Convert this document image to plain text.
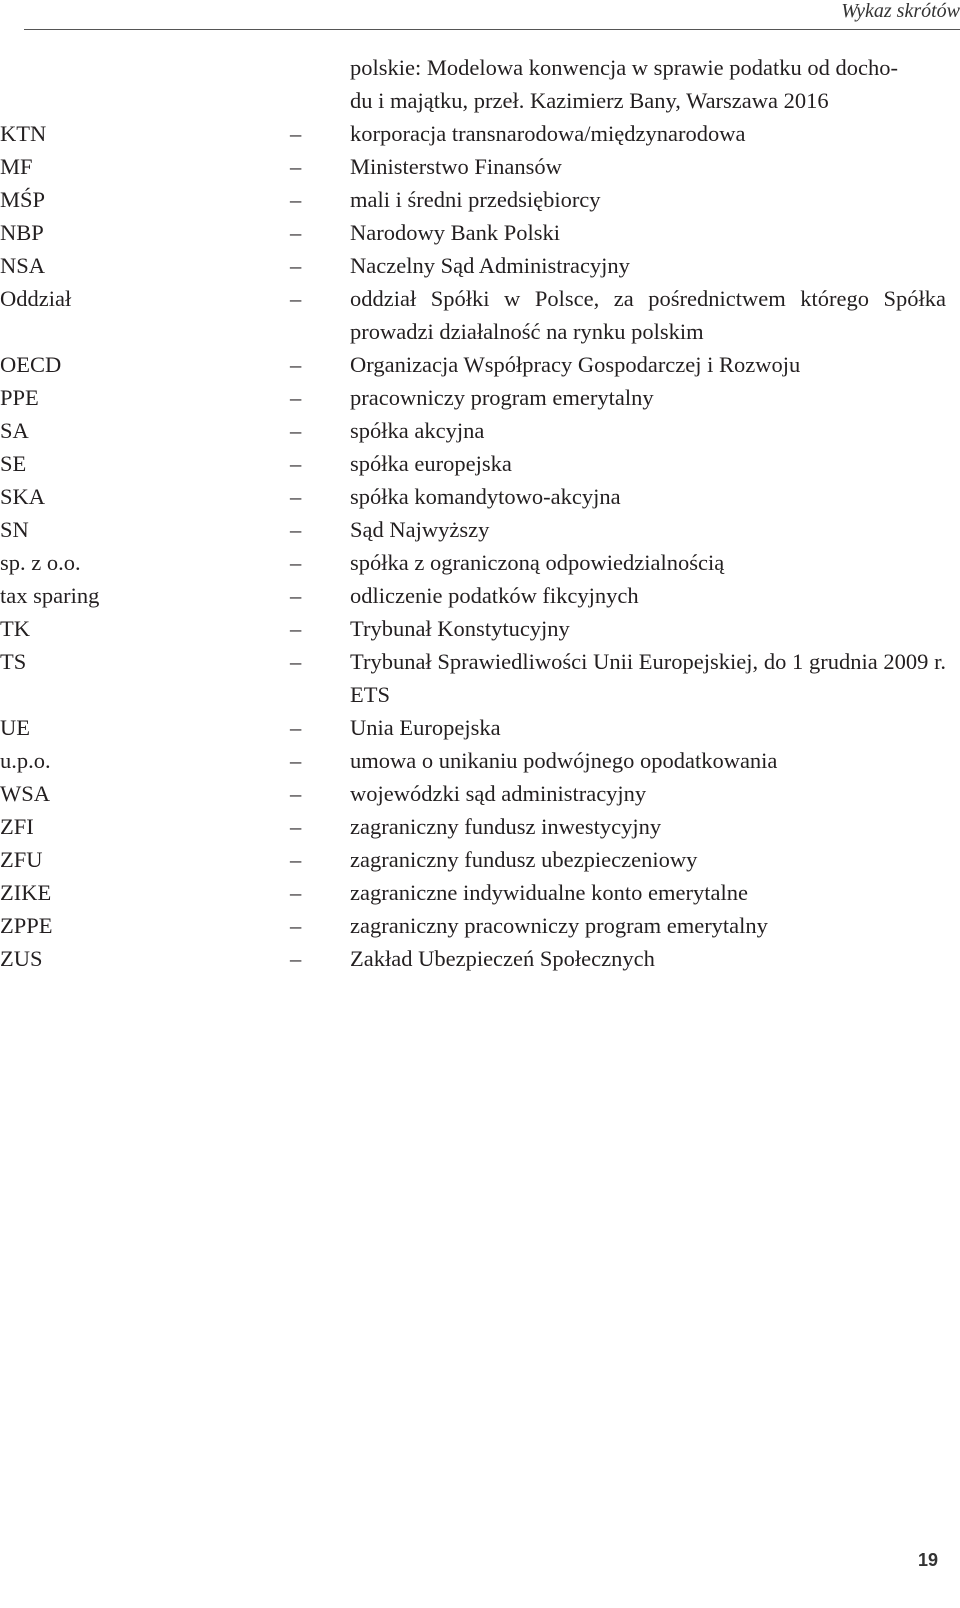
Wykaz skrótów
polskie: Modelowa konwencja w sprawie podatku od docho-
du i majątku, przeł. Kazimierz Bany, Warszawa 2016
KTN	–	korporacja transnarodowa/międzynarodowa
MF	–	Ministerstwo Finansów
MŚP	–	mali i średni przedsiębiorcy
NBP	–	Narodowy Bank Polski
NSA	–	Naczelny Sąd Administracyjny
Oddział	–	oddział Spółki w Polsce, za pośrednictwem którego Spółka prowadzi działalność na rynku polskim
OECD	–	Organizacja Współpracy Gospodarczej i Rozwoju
PPE	–	pracowniczy program emerytalny
SA	–	spółka akcyjna
SE	–	spółka europejska
SKA	–	spółka komandytowo-akcyjna
SN	–	Sąd Najwyższy
sp. z o.o.	–	spółka z ograniczoną odpowiedzialnością
tax sparing	–	odliczenie podatków fikcyjnych
TK	–	Trybunał Konstytucyjny
TS	–	Trybunał Sprawiedliwości Unii Europejskiej, do 1 grudnia 2009 r. ETS
UE	–	Unia Europejska
u.p.o.	–	umowa o unikaniu podwójnego opodatkowania
WSA	–	wojewódzki sąd administracyjny
ZFI	–	zagraniczny fundusz inwestycyjny
ZFU	–	zagraniczny fundusz ubezpieczeniowy
ZIKE	–	zagraniczne indywidualne konto emerytalne
ZPPE	–	zagraniczny pracowniczy program emerytalny
ZUS	–	Zakład Ubezpieczeń Społecznych
19
